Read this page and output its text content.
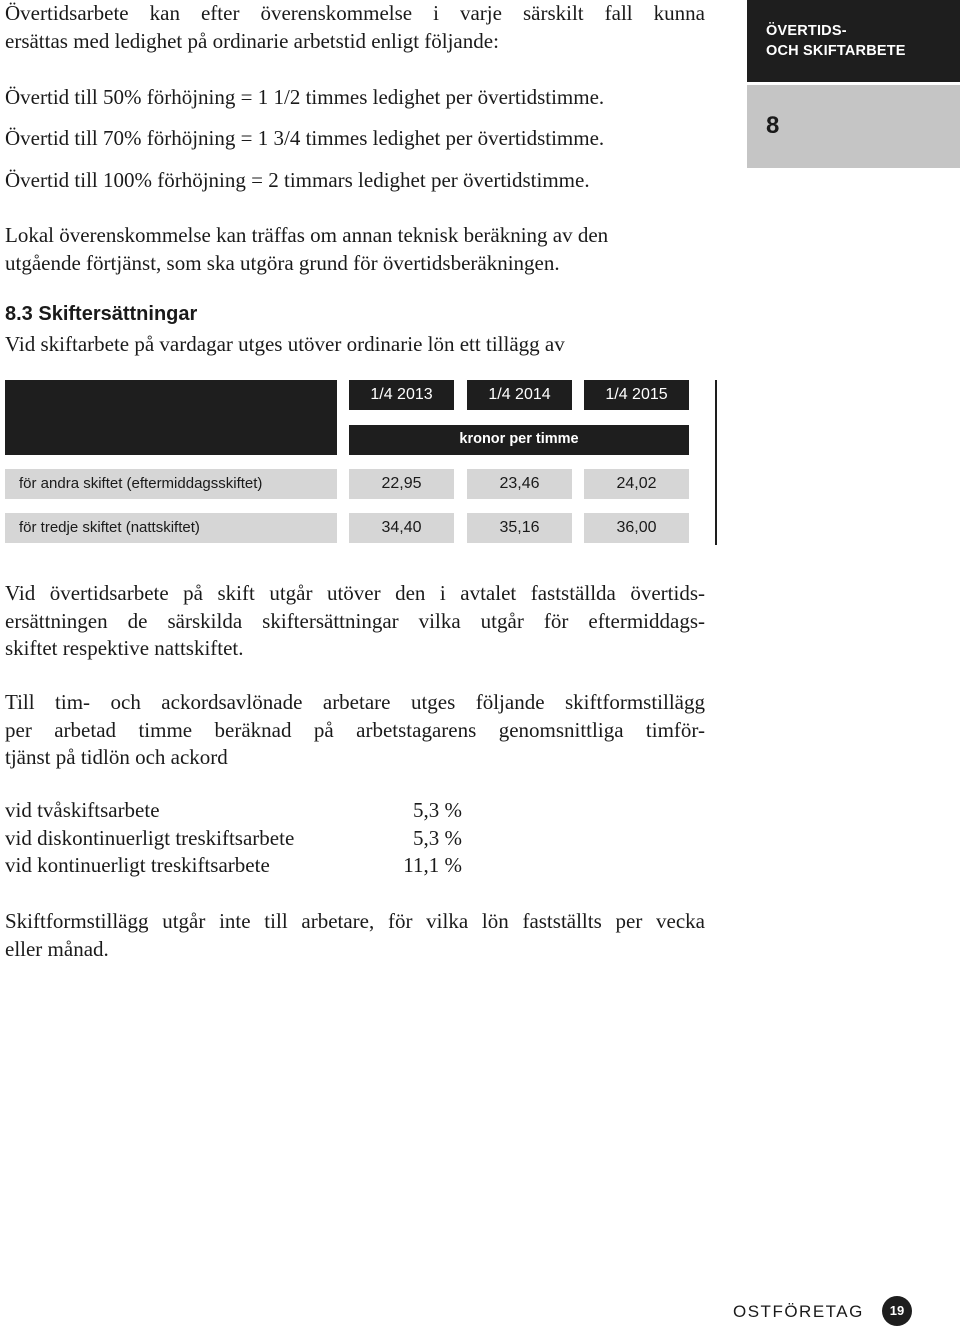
ÖVERTIDS-
OCH SKIFTARBETE
8

Övertidsarbete kan efter överenskommelse i varje särskilt fall kunna

ersättas med ledighet på ordinarie arbetstid enligt följande:

Övertid till 50% förhöjning = 1 1/2 timmes ledighet per övertidstimme.
Övertid till 70% förhöjning = 1 3/4 timmes ledighet per övertidstimme.
Övertid till 100% förhöjning = 2 timmars ledighet per övertidstimme.

Lokal överenskommelse kan träffas om annan teknisk beräkning av den

utgående förtjänst, som ska utgöra grund för övertidsberäkningen.

8.3 Skiftersättningar
Vid skiftarbete på vardagar utges utöver ordinarie lön ett tillägg av
1/4 2013	1/4 2014	1/4 2015
kronor per timme
för andra skiftet (eftermiddagsskiftet)	22,95	23,46	24,02
för tredje skiftet (nattskiftet)	34,40	35,16	36,00

Vid övertidsarbete på skift utgår utöver den i avtalet fastställda övertids-

ersättningen de särskilda skiftersättningar vilka utgår för eftermiddags-

skiftet respektive nattskiftet.

Till tim- och ackordsavlönade arbetare utges följande skiftformstillägg

per arbetad timme beräknad på arbetstagarens genomsnittliga timför-

tjänst på tidlön och ackord

vid tvåskiftsarbete	5,3 %
vid diskontinuerligt treskiftsarbete	5,3 %
vid kontinuerligt treskiftsarbete	11,1 %

Skiftformstillägg utgår inte till arbetare, för vilka lön fastställts per vecka

eller månad.

OSTFÖRETAG	19
